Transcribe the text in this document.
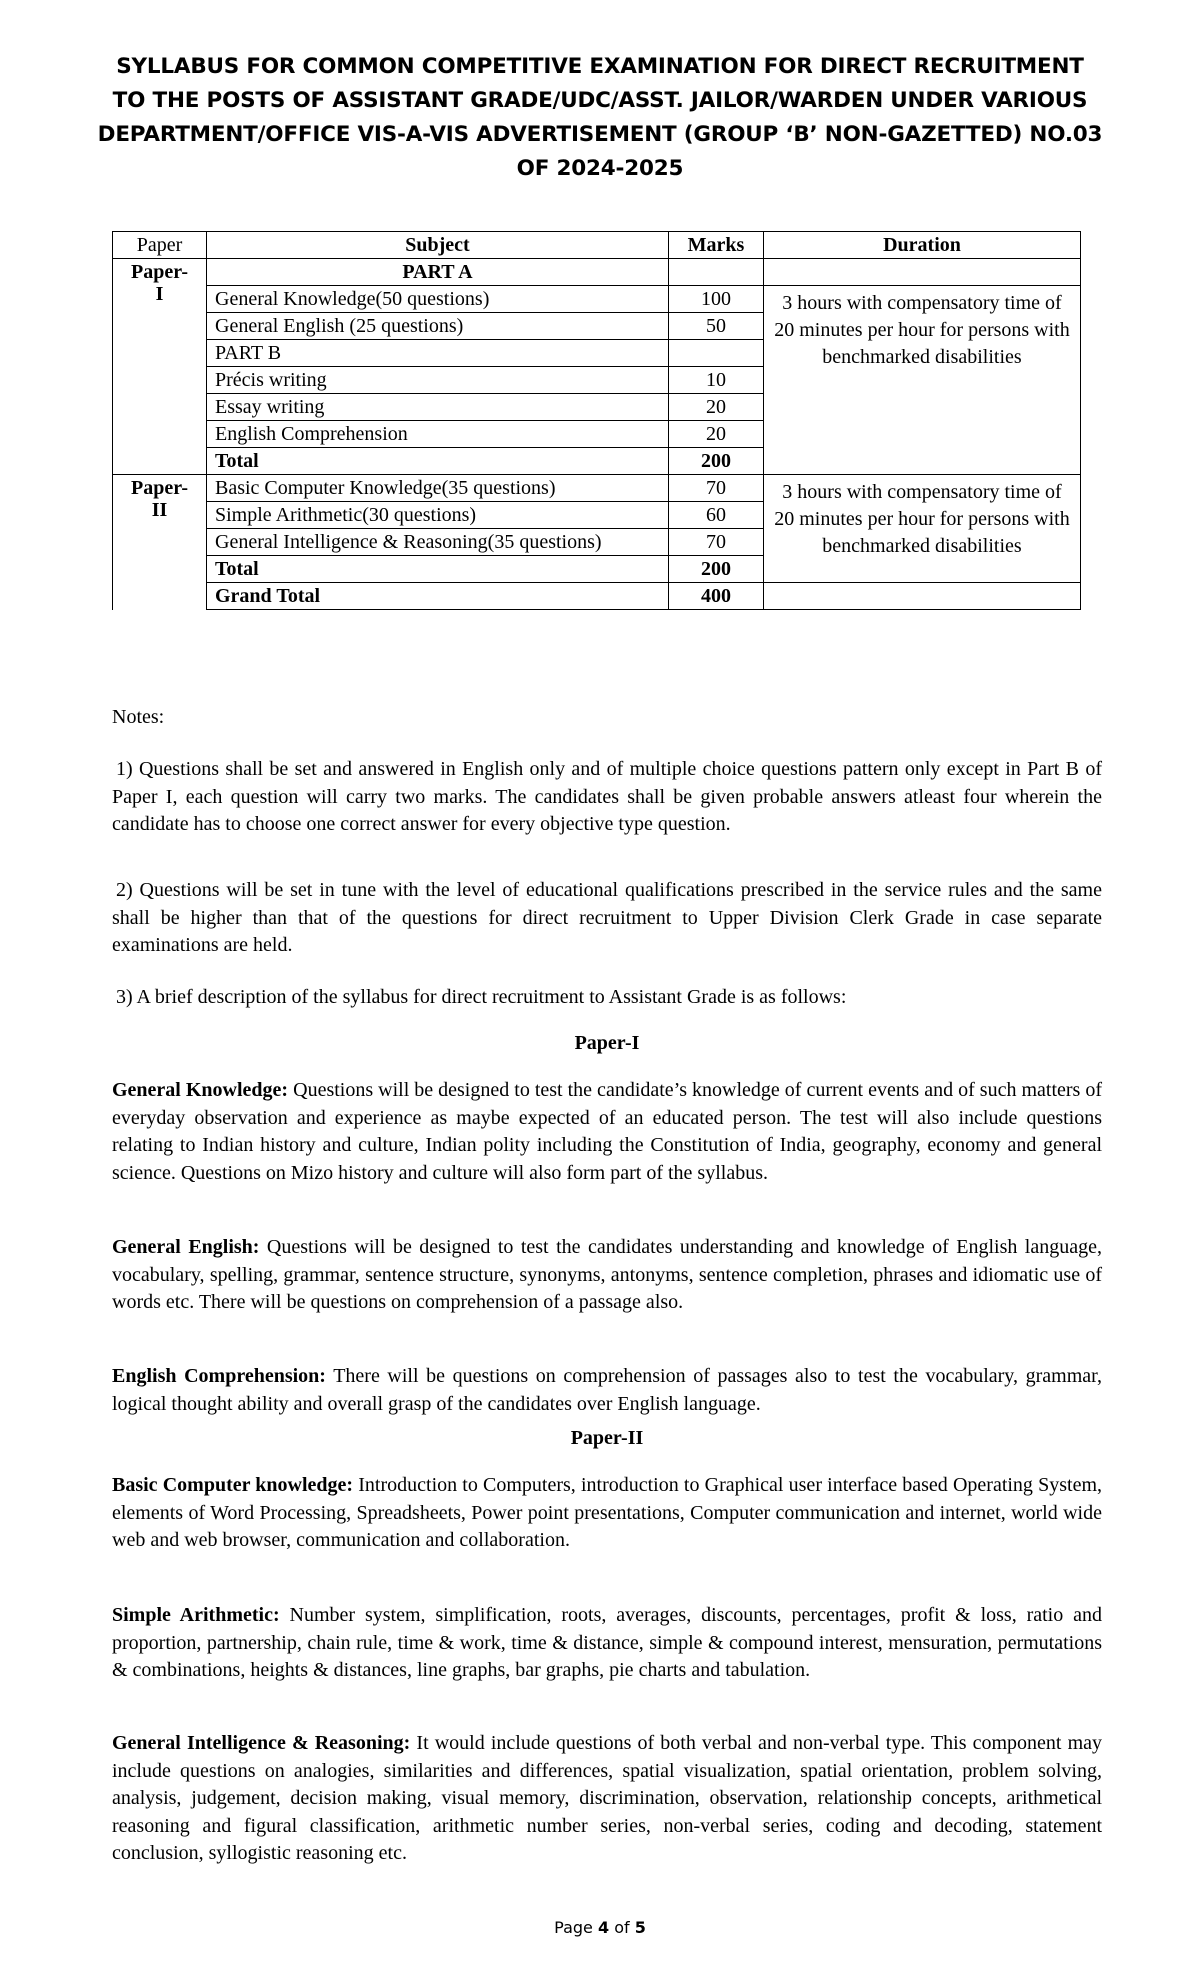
SYLLABUS FOR COMMON COMPETITIVE EXAMINATION FOR DIRECT RECRUITMENT
TO THE POSTS OF ASSISTANT GRADE/UDC/ASST. JAILOR/WARDEN UNDER VARIOUS
DEPARTMENT/OFFICE VIS-A-VIS ADVERTISEMENT (GROUP ‘B’ NON-GAZETTED) NO.03
OF 2024-2025
Paper	Subject	Marks	Duration
Paper-
I	PART A		
	General Knowledge(50 questions)	100	3 hours with compensatory time of 20 minutes per hour for persons with benchmarked disabilities
	General English (25 questions)	50	
	PART B		
	Précis writing	10	
	Essay writing	20	
	English Comprehension	20	
	Total	200	
Paper-
II	Basic Computer Knowledge(35 questions)	70	3 hours with compensatory time of 20 minutes per hour for persons with benchmarked disabilities
	Simple Arithmetic(30 questions)	60	
	General Intelligence & Reasoning(35 questions)	70	
	Total	200	
	Grand Total	400	
Notes:
1) Questions shall be set and answered in English only and of multiple choice questions pattern only except in Part B of Paper I, each question will carry two marks. The candidates shall be given probable answers atleast four wherein the candidate has to choose one correct answer for every objective type question.
2) Questions will be set in tune with the level of educational qualifications prescribed in the service rules and the same shall be higher than that of the questions for direct recruitment to Upper Division Clerk Grade in case separate examinations are held.
3) A brief description of the syllabus for direct recruitment to Assistant Grade is as follows:
Paper-I
General Knowledge: Questions will be designed to test the candidate’s knowledge of current events and of such matters of everyday observation and experience as maybe expected of an educated person. The test will also include questions relating to Indian history and culture, Indian polity including the Constitution of India, geography, economy and general science. Questions on Mizo history and culture will also form part of the syllabus.
General English: Questions will be designed to test the candidates understanding and knowledge of English language, vocabulary, spelling, grammar, sentence structure, synonyms, antonyms, sentence completion, phrases and idiomatic use of words etc. There will be questions on comprehension of a passage also.
English Comprehension: There will be questions on comprehension of passages also to test the vocabulary, grammar, logical thought ability and overall grasp of the candidates over English language.
Paper-II
Basic Computer knowledge: Introduction to Computers, introduction to Graphical user interface based Operating System, elements of Word Processing, Spreadsheets, Power point presentations, Computer communication and internet, world wide web and web browser, communication and collaboration.
Simple Arithmetic: Number system, simplification, roots, averages, discounts, percentages, profit & loss, ratio and proportion, partnership, chain rule, time & work, time & distance, simple & compound interest, mensuration, permutations & combinations, heights & distances, line graphs, bar graphs, pie charts and tabulation.
General Intelligence & Reasoning: It would include questions of both verbal and non-verbal type. This component may include questions on analogies, similarities and differences, spatial visualization, spatial orientation, problem solving, analysis, judgement, decision making, visual memory, discrimination, observation, relationship concepts, arithmetical reasoning and figural classification, arithmetic number series, non-verbal series, coding and decoding, statement conclusion, syllogistic reasoning etc.
Page 4 of 5
